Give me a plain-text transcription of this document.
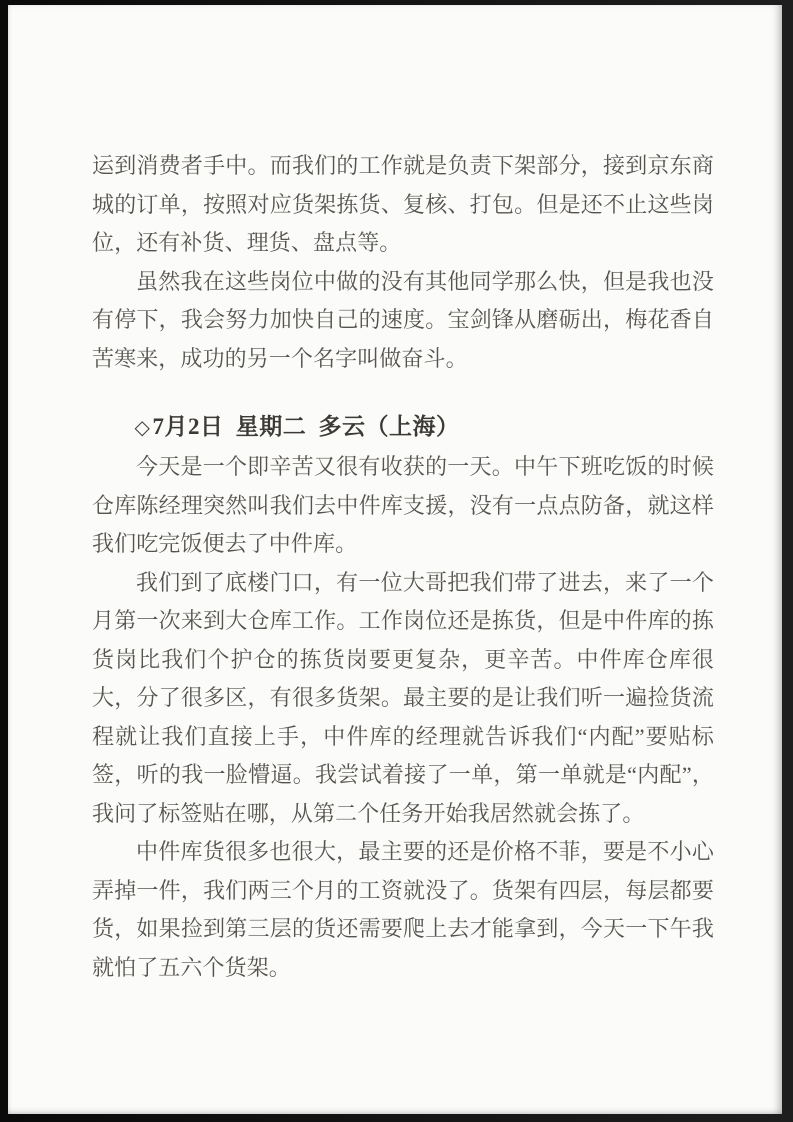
运到消费者手中。而我们的工作就是负责下架部分，接到京东商城的订单，按照对应货架拣货、复核、打包。但是还不止这些岗位，还有补货、理货、盘点等。

虽然我在这些岗位中做的没有其他同学那么快，但是我也没有停下，我会努力加快自己的速度。宝剑锋从磨砺出，梅花香自苦寒来，成功的另一个名字叫做奋斗。

◇7月2日 星期二 多云（上海）

今天是一个即辛苦又很有收获的一天。中午下班吃饭的时候仓库陈经理突然叫我们去中件库支援，没有一点点防备，就这样我们吃完饭便去了中件库。

我们到了底楼门口，有一位大哥把我们带了进去，来了一个月第一次来到大仓库工作。工作岗位还是拣货，但是中件库的拣货岗比我们个护仓的拣货岗要更复杂，更辛苦。中件库仓库很大，分了很多区，有很多货架。最主要的是让我们听一遍捡货流程就让我们直接上手，中件库的经理就告诉我们“内配”要贴标签，听的我一脸懵逼。我尝试着接了一单，第一单就是“内配”，我问了标签贴在哪，从第二个任务开始我居然就会拣了。

中件库货很多也很大，最主要的还是价格不菲，要是不小心弄掉一件，我们两三个月的工资就没了。货架有四层，每层都要货，如果捡到第三层的货还需要爬上去才能拿到，今天一下午我就怕了五六个货架。
